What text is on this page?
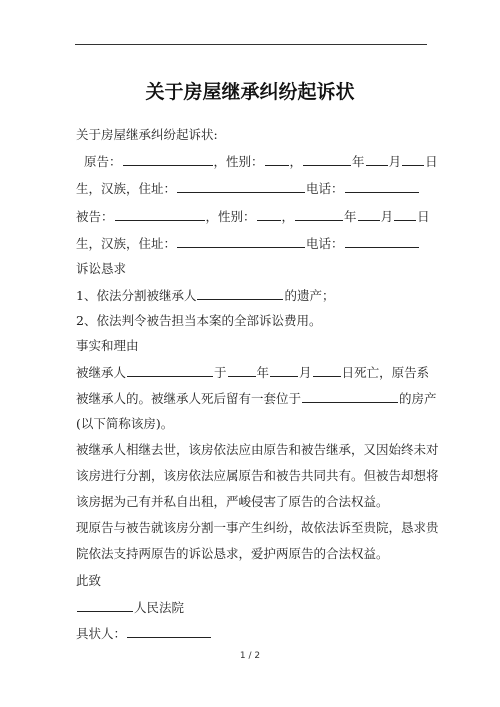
关于房屋继承纠纷起诉状
关于房屋继承纠纷起诉状:
原告：	，性别： ，	年 月 日
生，汉族，住址：	电话：
被告：	，性别： ，	年 月 日
生，汉族，住址：	电话：
诉讼恳求
1、依法分割被继承人	的遗产；
2、依法判令被告担当本案的全部诉讼费用。
事实和理由
被继承人	于 年 月 日死亡，原告系
被继承人的。被继承人死后留有一套位于	的房产
(以下简称该房)。
被继承人相继去世，该房依法应由原告和被告继承，又因始终未对
该房进行分割，该房依法应属原告和被告共同共有。但被告却想将
该房据为己有并私自出租，严峻侵害了原告的合法权益。
现原告与被告就该房分割一事产生纠纷，故依法诉至贵院，恳求贵
院依法支持两原告的诉讼恳求，爱护两原告的合法权益。
此致
人民法院
具状人：
1 / 2
